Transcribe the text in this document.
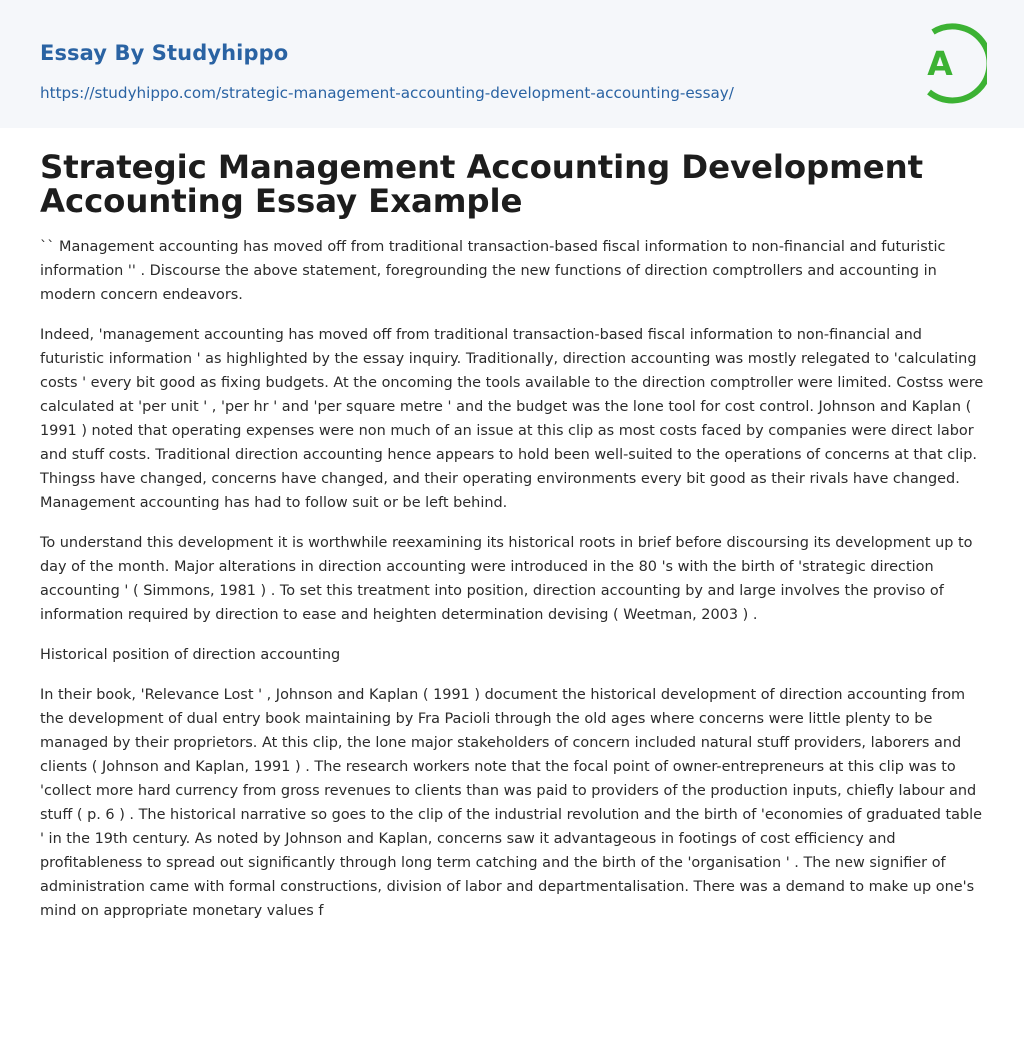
Essay By Studyhippo
https://studyhippo.com/strategic-management-accounting-development-accounting-essay/
A
Strategic Management Accounting Development Accounting Essay Example

`` Management accounting has moved off from traditional transaction-based fiscal information to non-financial and futuristic information '' . Discourse the above statement, foregrounding the new functions of direction comptrollers and accounting in modern concern endeavors.

Indeed, 'management accounting has moved off from traditional transaction-based fiscal information to non-financial and futuristic information ' as highlighted by the essay inquiry. Traditionally, direction accounting was mostly relegated to 'calculating costs ' every bit good as fixing budgets. At the oncoming the tools available to the direction comptroller were limited. Costss were calculated at 'per unit ' , 'per hr ' and 'per square metre ' and the budget was the lone tool for cost control. Johnson and Kaplan ( 1991 ) noted that operating expenses were non much of an issue at this clip as most costs faced by companies were direct labor and stuff costs. Traditional direction accounting hence appears to hold been well-suited to the operations of concerns at that clip. Thingss have changed, concerns have changed, and their operating environments every bit good as their rivals have changed. Management accounting has had to follow suit or be left behind.

To understand this development it is worthwhile reexamining its historical roots in brief before discoursing its development up to day of the month. Major alterations in direction accounting were introduced in the 80 's with the birth of 'strategic direction accounting ' ( Simmons, 1981 ) . To set this treatment into position, direction accounting by and large involves the proviso of information required by direction to ease and heighten determination devising ( Weetman, 2003 ) .

Historical position of direction accounting

In their book, 'Relevance Lost ' , Johnson and Kaplan ( 1991 ) document the historical development of direction accounting from the development of dual entry book maintaining by Fra Pacioli through the old ages where concerns were little plenty to be managed by their proprietors. At this clip, the lone major stakeholders of concern included natural stuff providers, laborers and clients ( Johnson and Kaplan, 1991 ) . The research workers note that the focal point of owner-entrepreneurs at this clip was to 'collect more hard currency from gross revenues to clients than was paid to providers of the production inputs, chiefly labour and stuff ( p. 6 ) . The historical narrative so goes to the clip of the industrial revolution and the birth of 'economies of graduated table ' in the 19th century. As noted by Johnson and Kaplan, concerns saw it advantageous in footings of cost efficiency and profitableness to spread out significantly through long term catching and the birth of the 'organisation ' . The new signifier of administration came with formal constructions, division of labor and departmentalisation. There was a demand to make up one's mind on appropriate monetary values f
